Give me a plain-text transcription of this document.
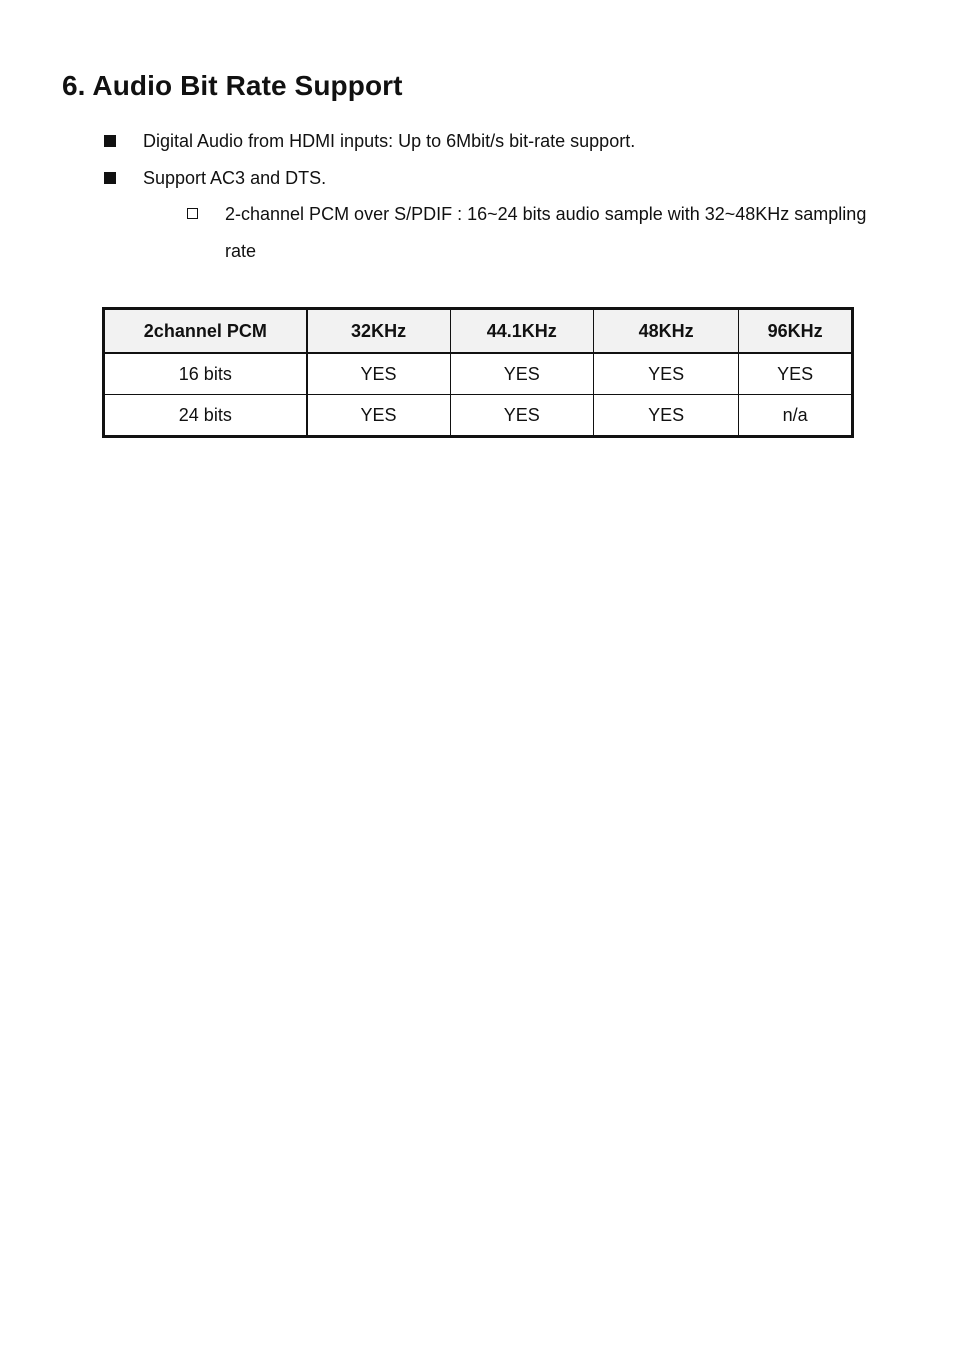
6. Audio Bit Rate Support
Digital Audio from HDMI inputs: Up to 6Mbit/s bit-rate support.
Support AC3 and DTS.
2-channel PCM over S/PDIF : 16~24 bits audio sample with 32~48KHz sampling rate
2channel PCM	32KHz	44.1KHz	48KHz	96KHz
16 bits	YES	YES	YES	YES
24 bits	YES	YES	YES	n/a
